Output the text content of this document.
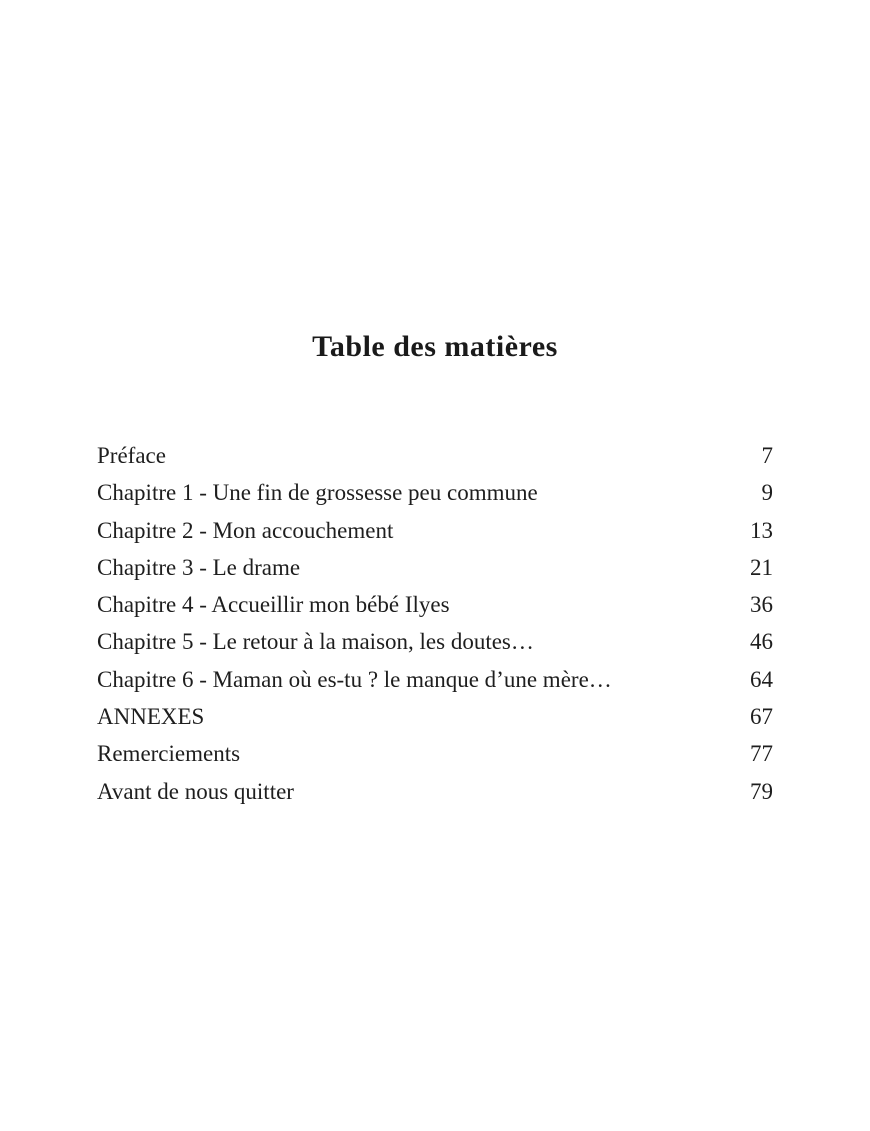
Table des matières
Préface	7
Chapitre 1 - Une fin de grossesse peu commune	9
Chapitre 2 - Mon accouchement	13
Chapitre 3 - Le drame	21
Chapitre 4 - Accueillir mon bébé Ilyes	36
Chapitre 5 - Le retour à la maison, les doutes…	46
Chapitre 6 - Maman où es-tu ? le manque d’une mère…	64
ANNEXES	67
Remerciements	77
Avant de nous quitter	79
